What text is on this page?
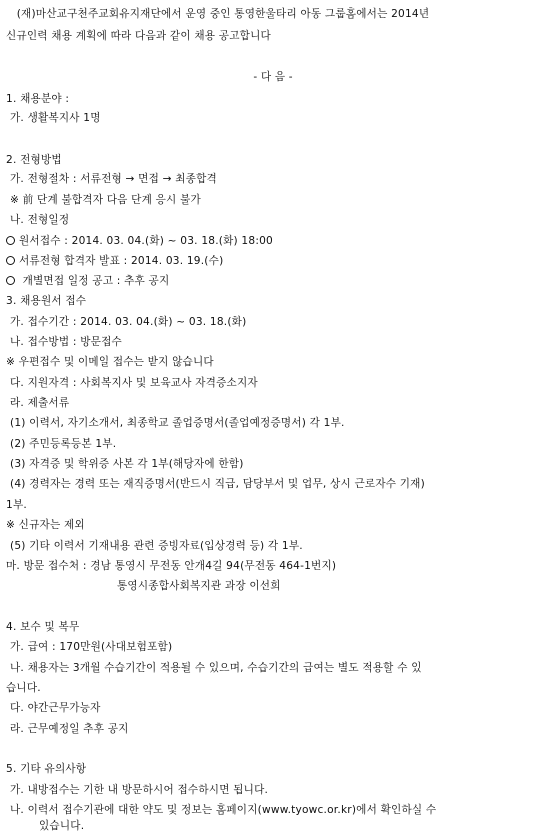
(재)마산교구천주교회유지재단에서 운영 중인 통영한울타리 아동 그룹홈에서는 2014년
신규인력 채용 계획에 따라 다음과 같이 채용 공고합니다
- 다 음 -
1. 채용분야 :
가. 생활복지사 1명
2. 전형방법
가. 전형절차 : 서류전형 → 면접 → 최종합격
※ 前 단계 불합격자 다음 단계 응시 불가
나. 전형일정
원서접수 : 2014. 03. 04.(화) ~ 03. 18.(화) 18:00
서류전형 합격자 발표 : 2014. 03. 19.(수)
개별면접 일정 공고 : 추후 공지
3. 채용원서 접수
가. 접수기간 : 2014. 03. 04.(화) ~ 03. 18.(화)
나. 접수방법 : 방문접수
※ 우편접수 및 이메일 접수는 받지 않습니다
다. 지원자격 : 사회복지사 및 보육교사 자격증소지자
라. 제출서류
(1) 이력서, 자기소개서, 최종학교 졸업증명서(졸업예정증명서) 각 1부.
(2) 주민등록등본 1부.
(3) 자격증 및 학위증 사본 각 1부(해당자에 한함)
(4) 경력자는 경력 또는 재직증명서(반드시 직급, 담당부서 및 업무, 상시 근로자수 기재)
1부.
※ 신규자는 제외
(5) 기타 이력서 기재내용 관련 증빙자료(입상경력 등) 각 1부.
마. 방문 접수처 : 경남 통영시 무전동 안개4길 94(무전동 464-1번지)
통영시종합사회복지관 과장 이선희
4. 보수 및 복무
가. 급여 : 170만원(사대보험포함)
나. 채용자는 3개월 수습기간이 적용될 수 있으며, 수습기간의 급여는 별도 적용할 수 있
습니다.
다. 야간근무가능자
라. 근무예정일 추후 공지
5. 기타 유의사항
가. 내방접수는 기한 내 방문하시어 접수하시면 됩니다.
나. 이력서 접수기관에 대한 약도 및 정보는 홈페이지(www.tyowc.or.kr)에서 확인하실 수
있습니다.
